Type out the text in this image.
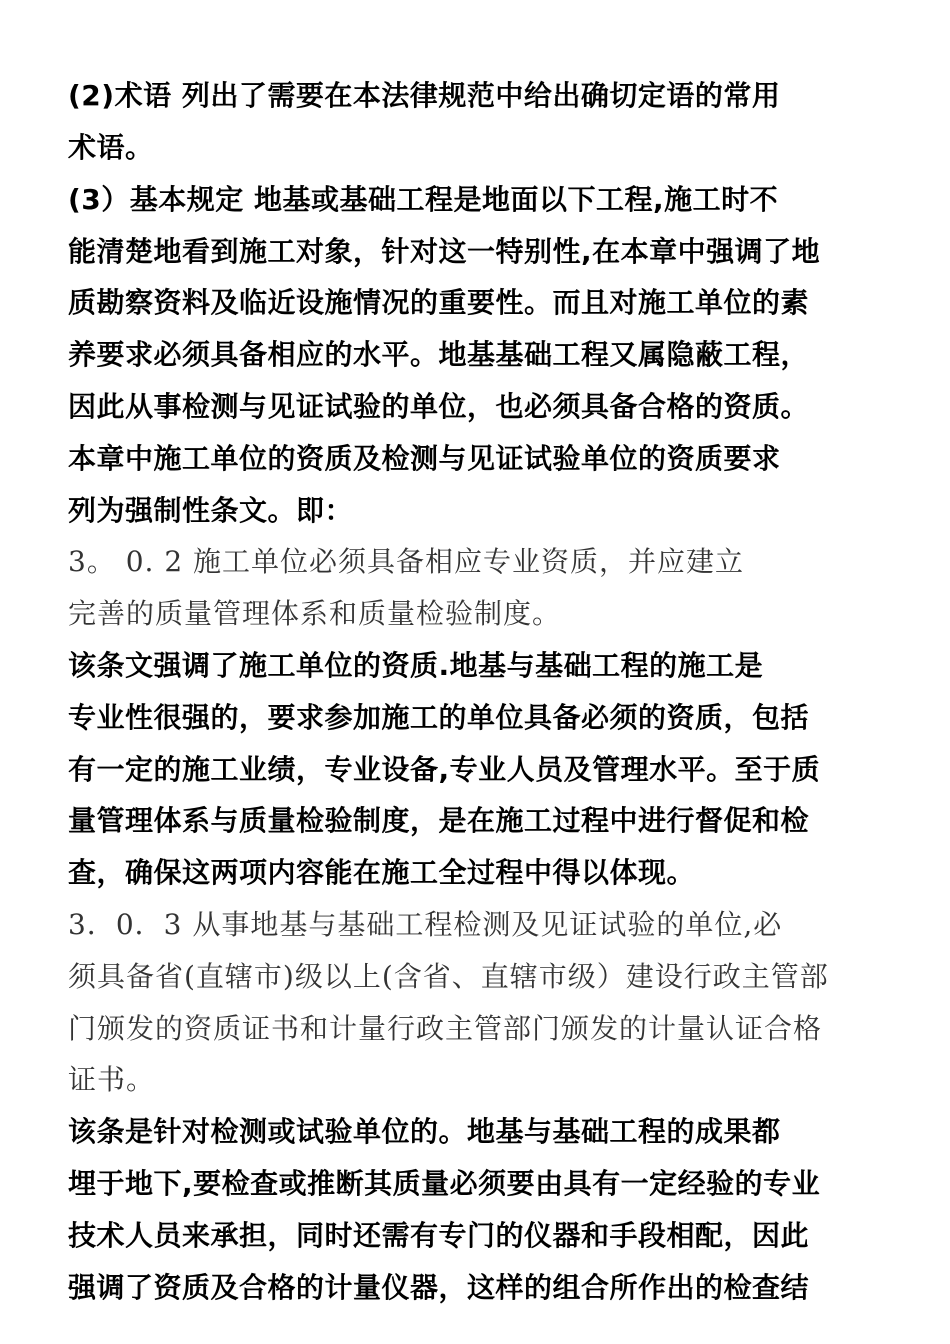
(2)术语 列出了需要在本法律规范中给出确切定语的常用
术语。
(3）基本规定 地基或基础工程是地面以下工程,施工时不
能清楚地看到施工对象，针对这一特别性,在本章中强调了地
质勘察资料及临近设施情况的重要性。而且对施工单位的素
养要求必须具备相应的水平。地基基础工程又属隐蔽工程，
因此从事检测与见证试验的单位，也必须具备合格的资质。
本章中施工单位的资质及检测与见证试验单位的资质要求
列为强制性条文。即：
3。 0. 2 施工单位必须具备相应专业资质，并应建立
完善的质量管理体系和质量检验制度。
该条文强调了施工单位的资质.地基与基础工程的施工是
专业性很强的，要求参加施工的单位具备必须的资质，包括
有一定的施工业绩，专业设备,专业人员及管理水平。至于质
量管理体系与质量检验制度，是在施工过程中进行督促和检
查，确保这两项内容能在施工全过程中得以体现。
3．0．3 从事地基与基础工程检测及见证试验的单位,必
须具备省(直辖市)级以上(含省、直辖市级）建设行政主管部
门颁发的资质证书和计量行政主管部门颁发的计量认证合格
证书。
该条是针对检测或试验单位的。地基与基础工程的成果都
埋于地下,要检查或推断其质量必须要由具有一定经验的专业
技术人员来承担，同时还需有专门的仪器和手段相配，因此
强调了资质及合格的计量仪器，这样的组合所作出的检查结
